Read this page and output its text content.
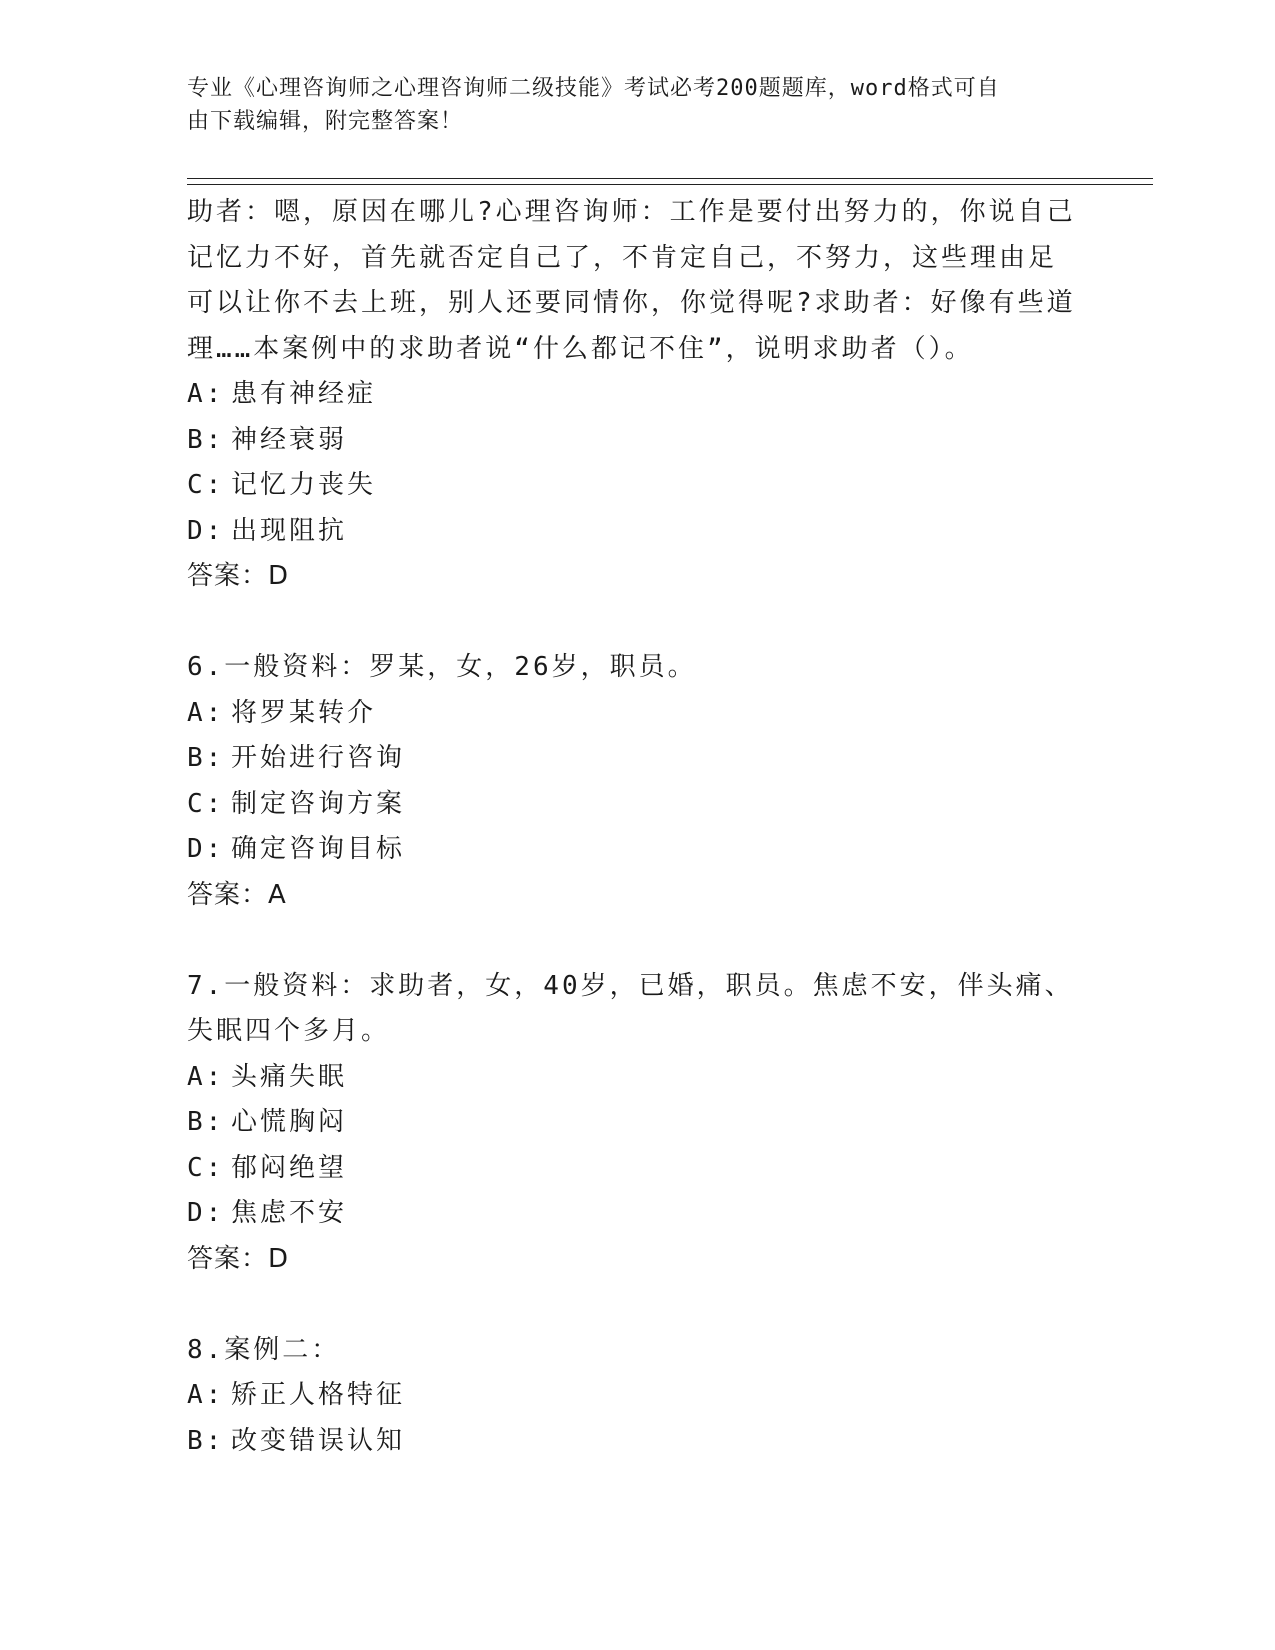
专业《心理咨询师之心理咨询师二级技能》考试必考200题题库，word格式可自

由下载编辑，附完整答案！

助者：嗯，原因在哪儿?心理咨询师：工作是要付出努力的，你说自己

记忆力不好，首先就否定自己了，不肯定自己，不努力，这些理由足

可以让你不去上班，别人还要同情你，你觉得呢?求助者：好像有些道

理……本案例中的求助者说“什么都记不住”，说明求助者（）。

A: 患有神经症

B: 神经衰弱

C: 记忆力丧失

D: 出现阻抗

答案：D

6.一般资料：罗某，女，26岁，职员。

A: 将罗某转介

B: 开始进行咨询

C: 制定咨询方案

D: 确定咨询目标

答案：A

7.一般资料：求助者，女，40岁，已婚，职员。焦虑不安，伴头痛、

失眠四个多月。

A: 头痛失眠

B: 心慌胸闷

C: 郁闷绝望

D: 焦虑不安

答案：D

8.案例二：

A: 矫正人格特征

B: 改变错误认知
